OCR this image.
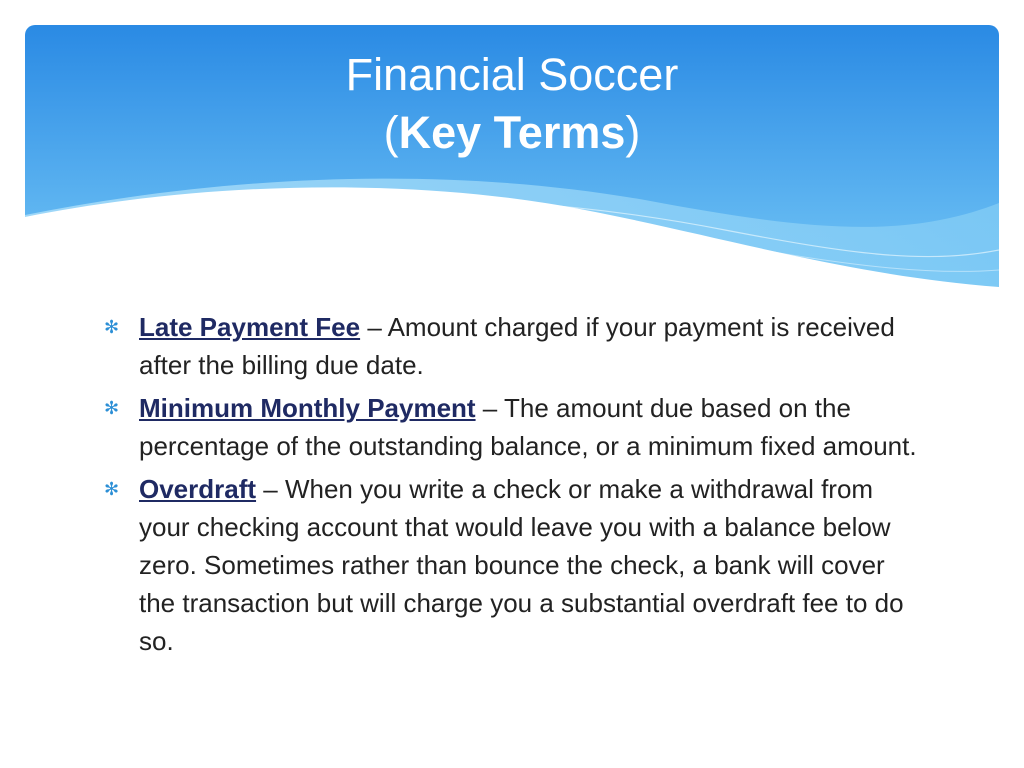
Financial Soccer
(Key Terms)
✻ Late Payment Fee – Amount charged if your payment is received after the billing due date.
✻ Minimum Monthly Payment – The amount due based on the percentage of the outstanding balance, or a minimum fixed amount.
✻ Overdraft – When you write a check or make a withdrawal from your checking account that would leave you with a balance below zero. Sometimes rather than bounce the check, a bank will cover the transaction but will charge you a substantial overdraft fee to do so.
